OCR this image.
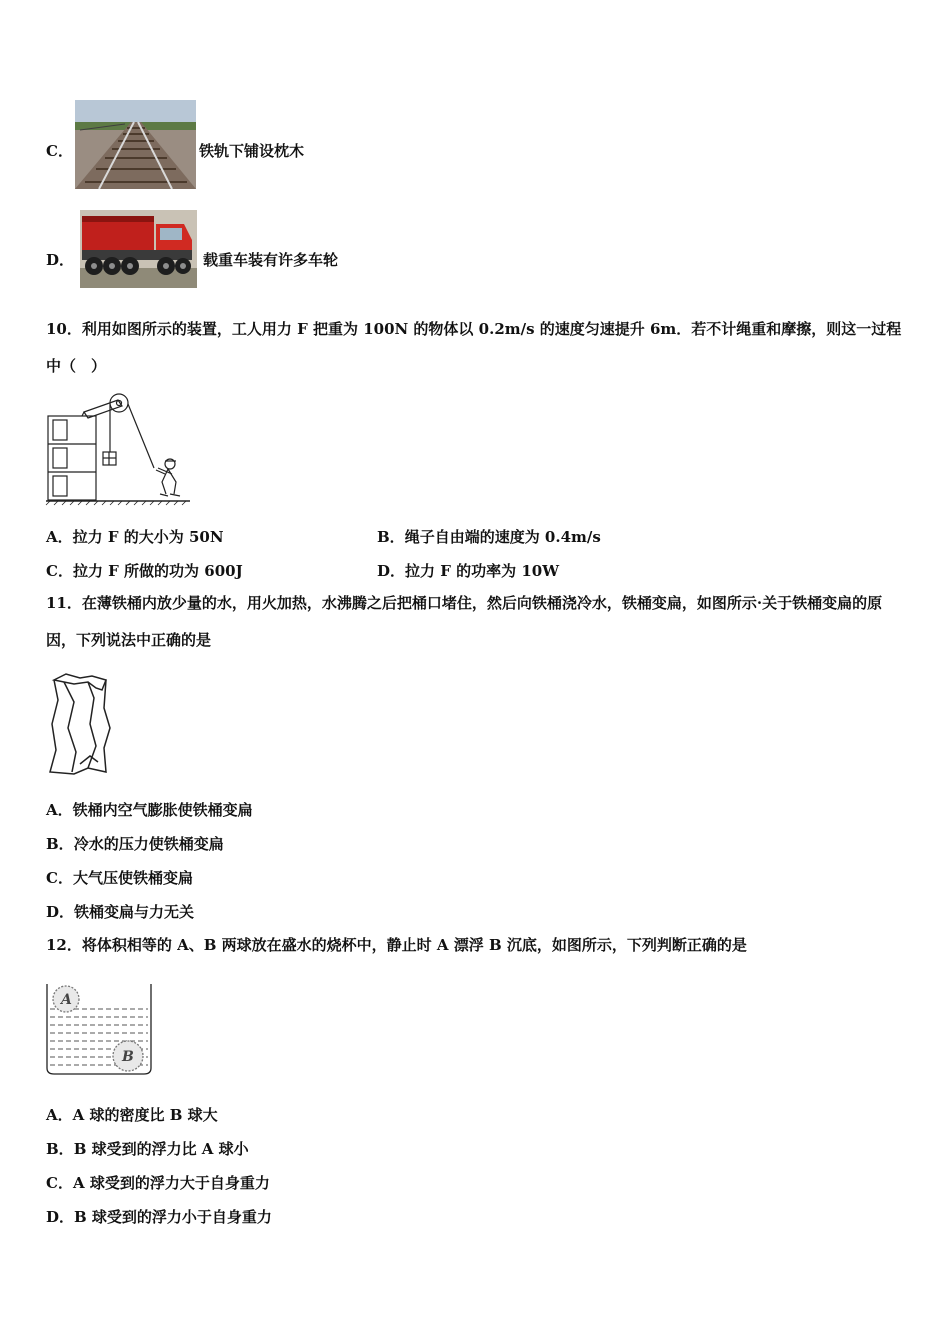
C．	铁轨下铺设枕木
D．	载重车装有许多车轮
10．利用如图所示的装置，工人用力 F 把重为 100N 的物体以 0.2m/s 的速度匀速提升 6m．若不计绳重和摩擦，则这一过程中（　）
A．拉力 F 的大小为 50N	B．绳子自由端的速度为 0.4m/s
C．拉力 F 所做的功为 600J	D．拉力 F 的功率为 10W
11．在薄铁桶内放少量的水，用火加热，水沸腾之后把桶口堵住，然后向铁桶浇冷水，铁桶变扁，如图所示·关于铁桶变扁的原因，下列说法中正确的是
A．铁桶内空气膨胀使铁桶变扁
B．冷水的压力使铁桶变扁
C．大气压使铁桶变扁
D．铁桶变扁与力无关
12．将体积相等的 A、B 两球放在盛水的烧杯中，静止时 A 漂浮 B 沉底，如图所示，下列判断正确的是
A
B
A．A 球的密度比 B 球大
B．B 球受到的浮力比 A 球小
C．A 球受到的浮力大于自身重力
D．B 球受到的浮力小于自身重力
